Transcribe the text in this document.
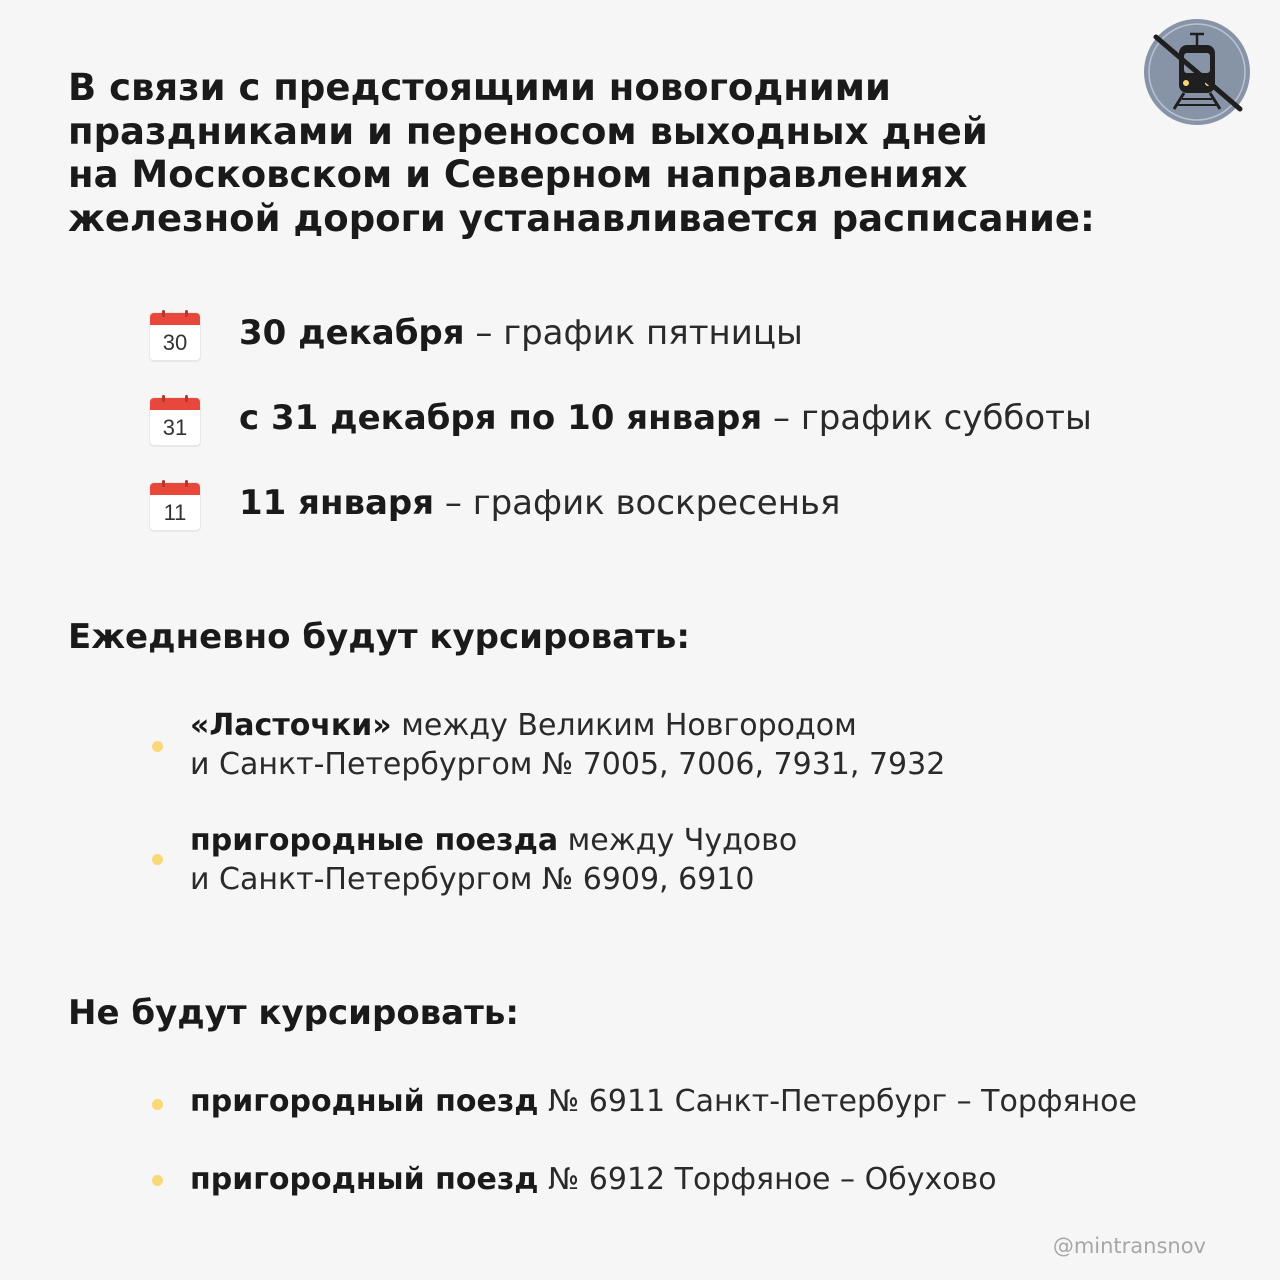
В связи с предстоящими новогодними
праздниками и переносом выходных дней
на Московском и Северном направлениях
железной дороги устанавливается расписание:
30 30 декабря – график пятницы
31 с 31 декабря по 10 января – график субботы
11 11 января – график воскресенья
Ежедневно будут курсировать:
«Ласточки» между Великим Новгородом
и Санкт-Петербургом № 7005, 7006, 7931, 7932
пригородные поезда между Чудово
и Санкт-Петербургом № 6909, 6910
Не будут курсировать:
пригородный поезд № 6911 Санкт-Петербург – Торфяное
пригородный поезд № 6912 Торфяное – Обухово
@mintransnov
